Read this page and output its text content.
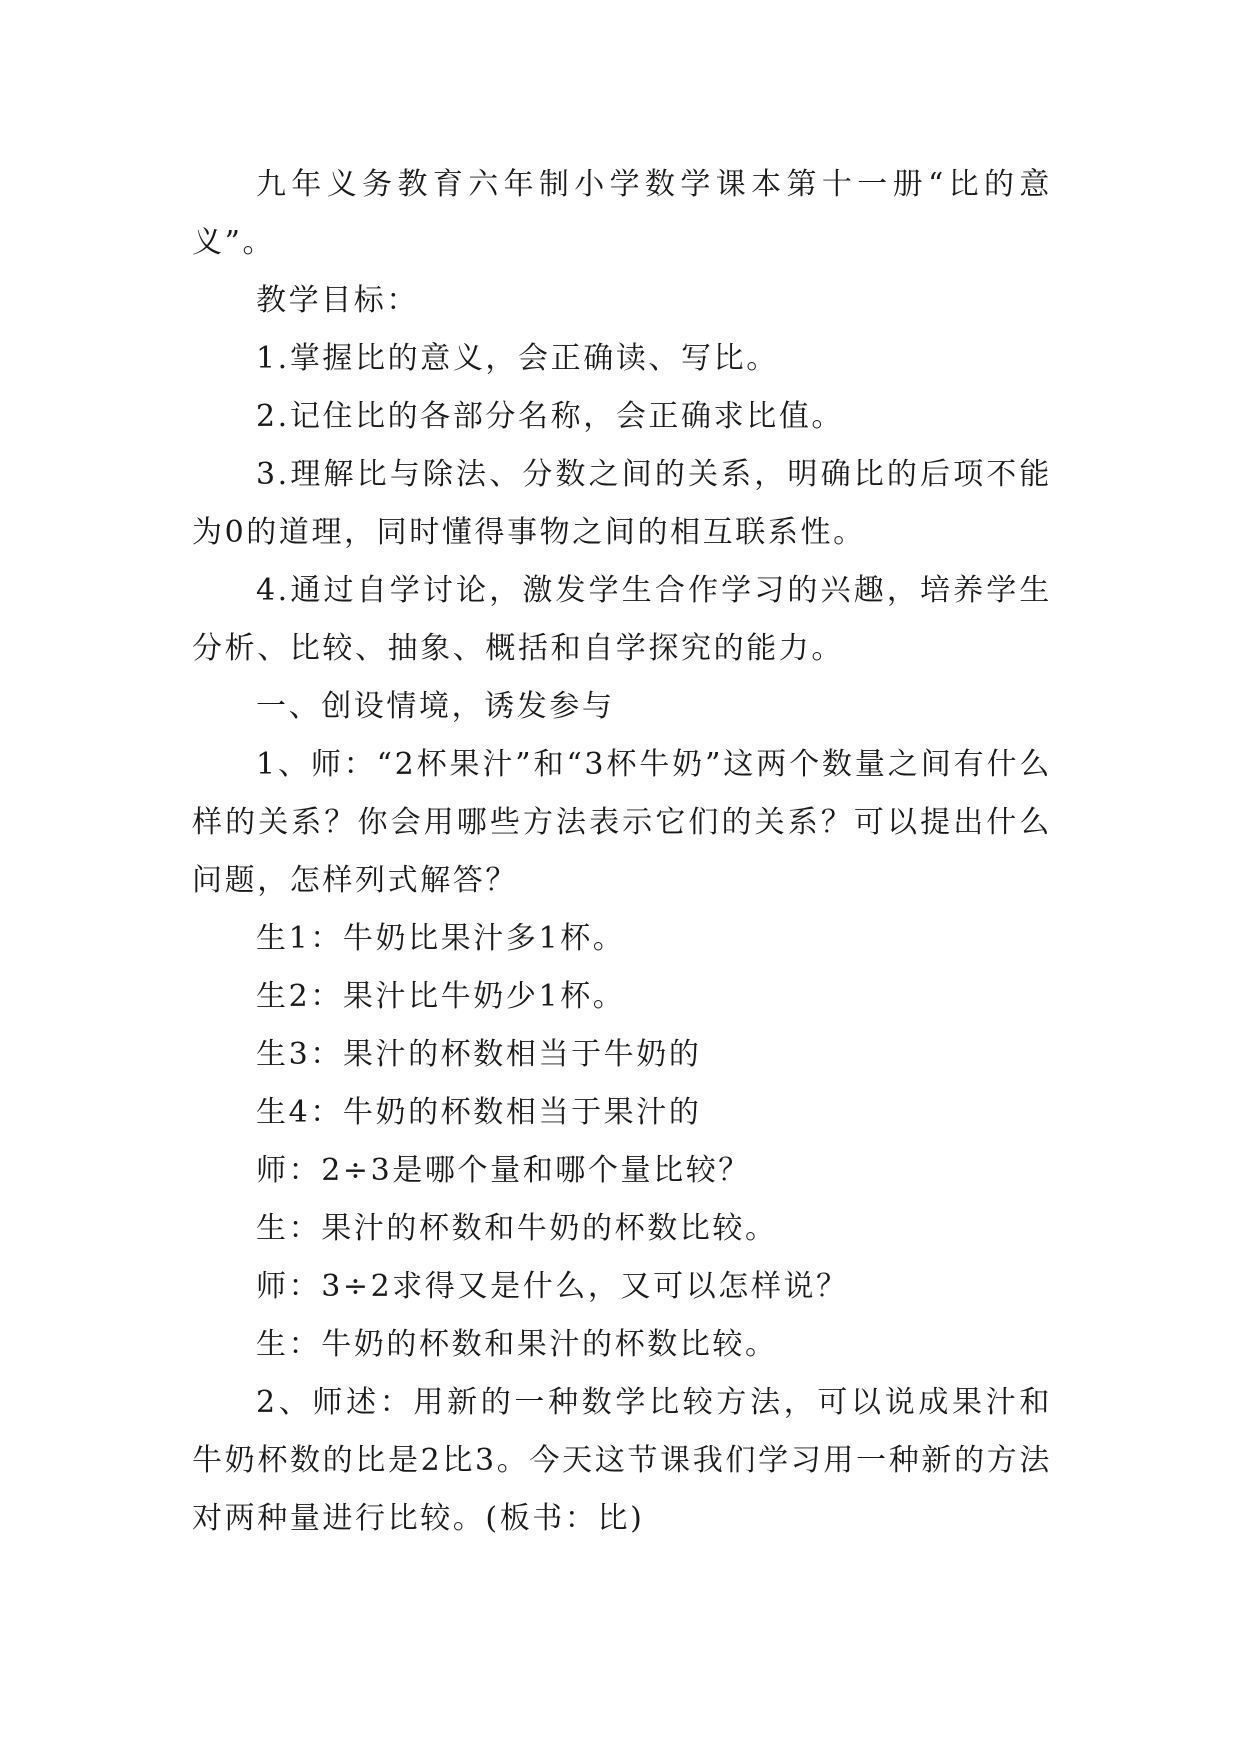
九年义务教育六年制小学数学课本第十一册“比的意义”。

教学目标：

1.掌握比的意义，会正确读、写比。

2.记住比的各部分名称，会正确求比值。

3.理解比与除法、分数之间的关系，明确比的后项不能为0的道理，同时懂得事物之间的相互联系性。

4.通过自学讨论，激发学生合作学习的兴趣，培养学生分析、比较、抽象、概括和自学探究的能力。

一、创设情境，诱发参与

1、师：“2杯果汁”和“3杯牛奶”这两个数量之间有什么样的关系？你会用哪些方法表示它们的关系？可以提出什么问题，怎样列式解答？

生1：牛奶比果汁多1杯。

生2：果汁比牛奶少1杯。

生3：果汁的杯数相当于牛奶的

生4：牛奶的杯数相当于果汁的

师：2÷3是哪个量和哪个量比较？

生：果汁的杯数和牛奶的杯数比较。

师：3÷2求得又是什么，又可以怎样说？

生：牛奶的杯数和果汁的杯数比较。

2、师述：用新的一种数学比较方法，可以说成果汁和牛奶杯数的比是2比3。今天这节课我们学习用一种新的方法对两种量进行比较。(板书：比)
